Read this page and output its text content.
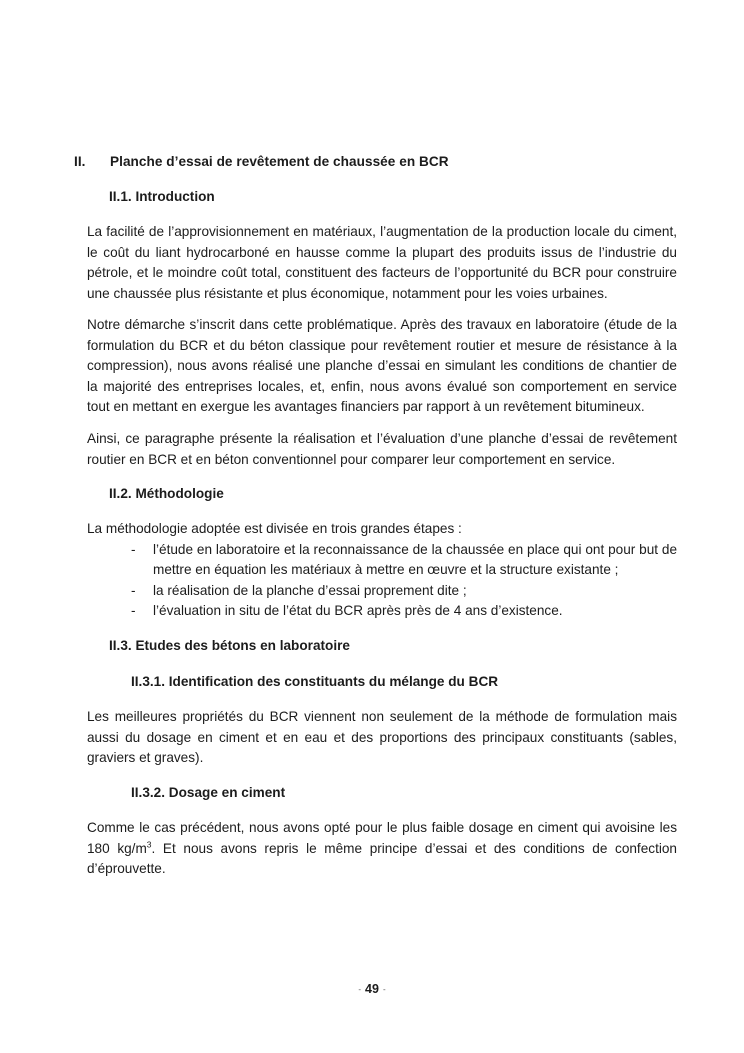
II. Planche d’essai de revêtement de chaussée en BCR
II.1. Introduction

La facilité de l’approvisionnement en matériaux, l’augmentation de la production locale du ciment, le coût du liant hydrocarboné en hausse comme la plupart des produits issus de l’industrie du pétrole, et le moindre coût total, constituent des facteurs de l’opportunité du BCR pour construire une chaussée plus résistante et plus économique, notamment pour les voies urbaines.

Notre démarche s’inscrit dans cette problématique. Après des travaux en laboratoire (étude de la formulation du BCR et du béton classique pour revêtement routier et mesure de résistance à la compression), nous avons réalisé une planche d’essai en simulant les conditions de chantier de la majorité des entreprises locales, et, enfin, nous avons évalué son comportement en service tout en mettant en exergue les avantages financiers par rapport à un revêtement bitumineux.

Ainsi, ce paragraphe présente la réalisation et l’évaluation d’une planche d’essai de revêtement routier en BCR et en béton conventionnel pour comparer leur comportement en service.

II.2. Méthodologie

La méthodologie adoptée est divisée en trois grandes étapes :

- l’étude en laboratoire et la reconnaissance de la chaussée en place qui ont pour but de mettre en équation les matériaux à mettre en œuvre et la structure existante ;
- la réalisation de la planche d’essai proprement dite ;
- l’évaluation in situ de l’état du BCR après près de 4 ans d’existence.
II.3. Etudes des bétons en laboratoire
II.3.1. Identification des constituants du mélange du BCR

Les meilleures propriétés du BCR viennent non seulement de la méthode de formulation mais aussi du dosage en ciment et en eau et des proportions des principaux constituants (sables, graviers et graves).

II.3.2. Dosage en ciment

Comme le cas précédent, nous avons opté pour le plus faible dosage en ciment qui avoisine les 180 $kg/m^3$. Et nous avons repris le même principe d’essai et des conditions de confection d’éprouvette.

- 49 -
